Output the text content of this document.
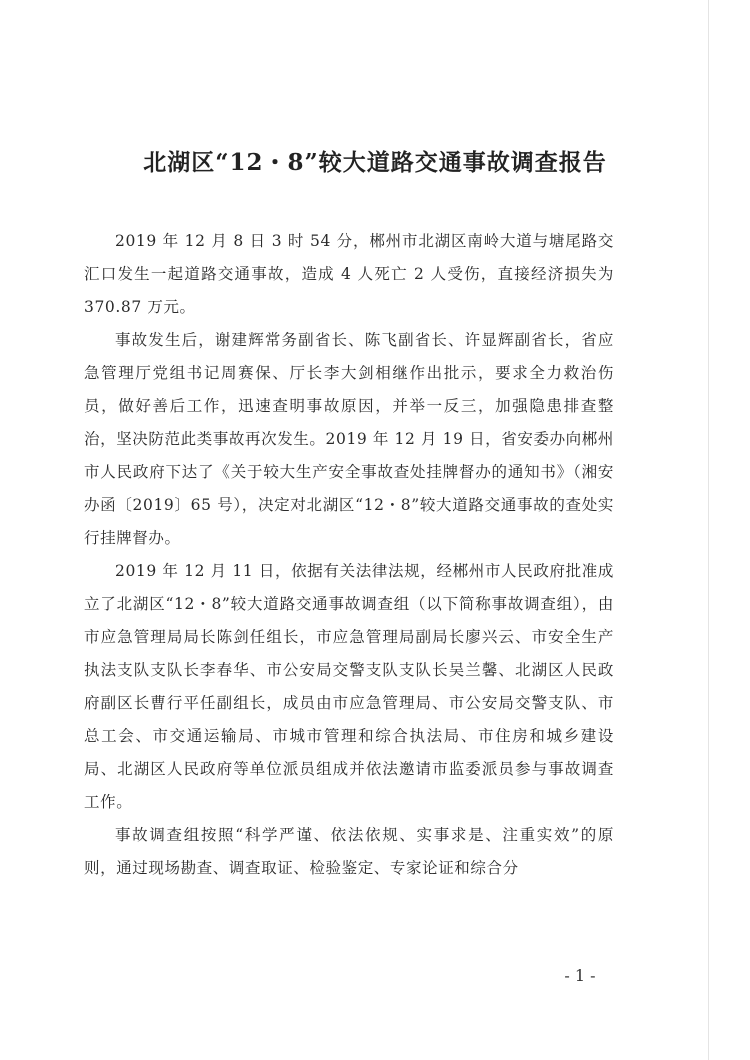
北湖区“12・8”较大道路交通事故调查报告

2019 年 12 月 8 日 3 时 54 分，郴州市北湖区南岭大道与塘尾路交汇口发生一起道路交通事故，造成 4 人死亡 2 人受伤，直接经济损失为 370.87 万元。

事故发生后，谢建辉常务副省长、陈飞副省长、许显辉副省长，省应急管理厅党组书记周赛保、厅长李大剑相继作出批示，要求全力救治伤员，做好善后工作，迅速查明事故原因，并举一反三，加强隐患排查整治，坚决防范此类事故再次发生。2019 年 12 月 19 日，省安委办向郴州市人民政府下达了《关于较大生产安全事故查处挂牌督办的通知书》（湘安办函〔2019〕65 号），决定对北湖区“12・8”较大道路交通事故的查处实行挂牌督办。

2019 年 12 月 11 日，依据有关法律法规，经郴州市人民政府批准成立了北湖区“12・8”较大道路交通事故调查组（以下简称事故调查组），由市应急管理局局长陈剑任组长，市应急管理局副局长廖兴云、市安全生产执法支队支队长李春华、市公安局交警支队支队长吴兰馨、北湖区人民政府副区长曹行平任副组长，成员由市应急管理局、市公安局交警支队、市总工会、市交通运输局、市城市管理和综合执法局、市住房和城乡建设局、北湖区人民政府等单位派员组成并依法邀请市监委派员参与事故调查工作。

事故调查组按照“科学严谨、依法依规、实事求是、注重实效”的原则，通过现场勘查、调查取证、检验鉴定、专家论证和综合分

- 1 -
